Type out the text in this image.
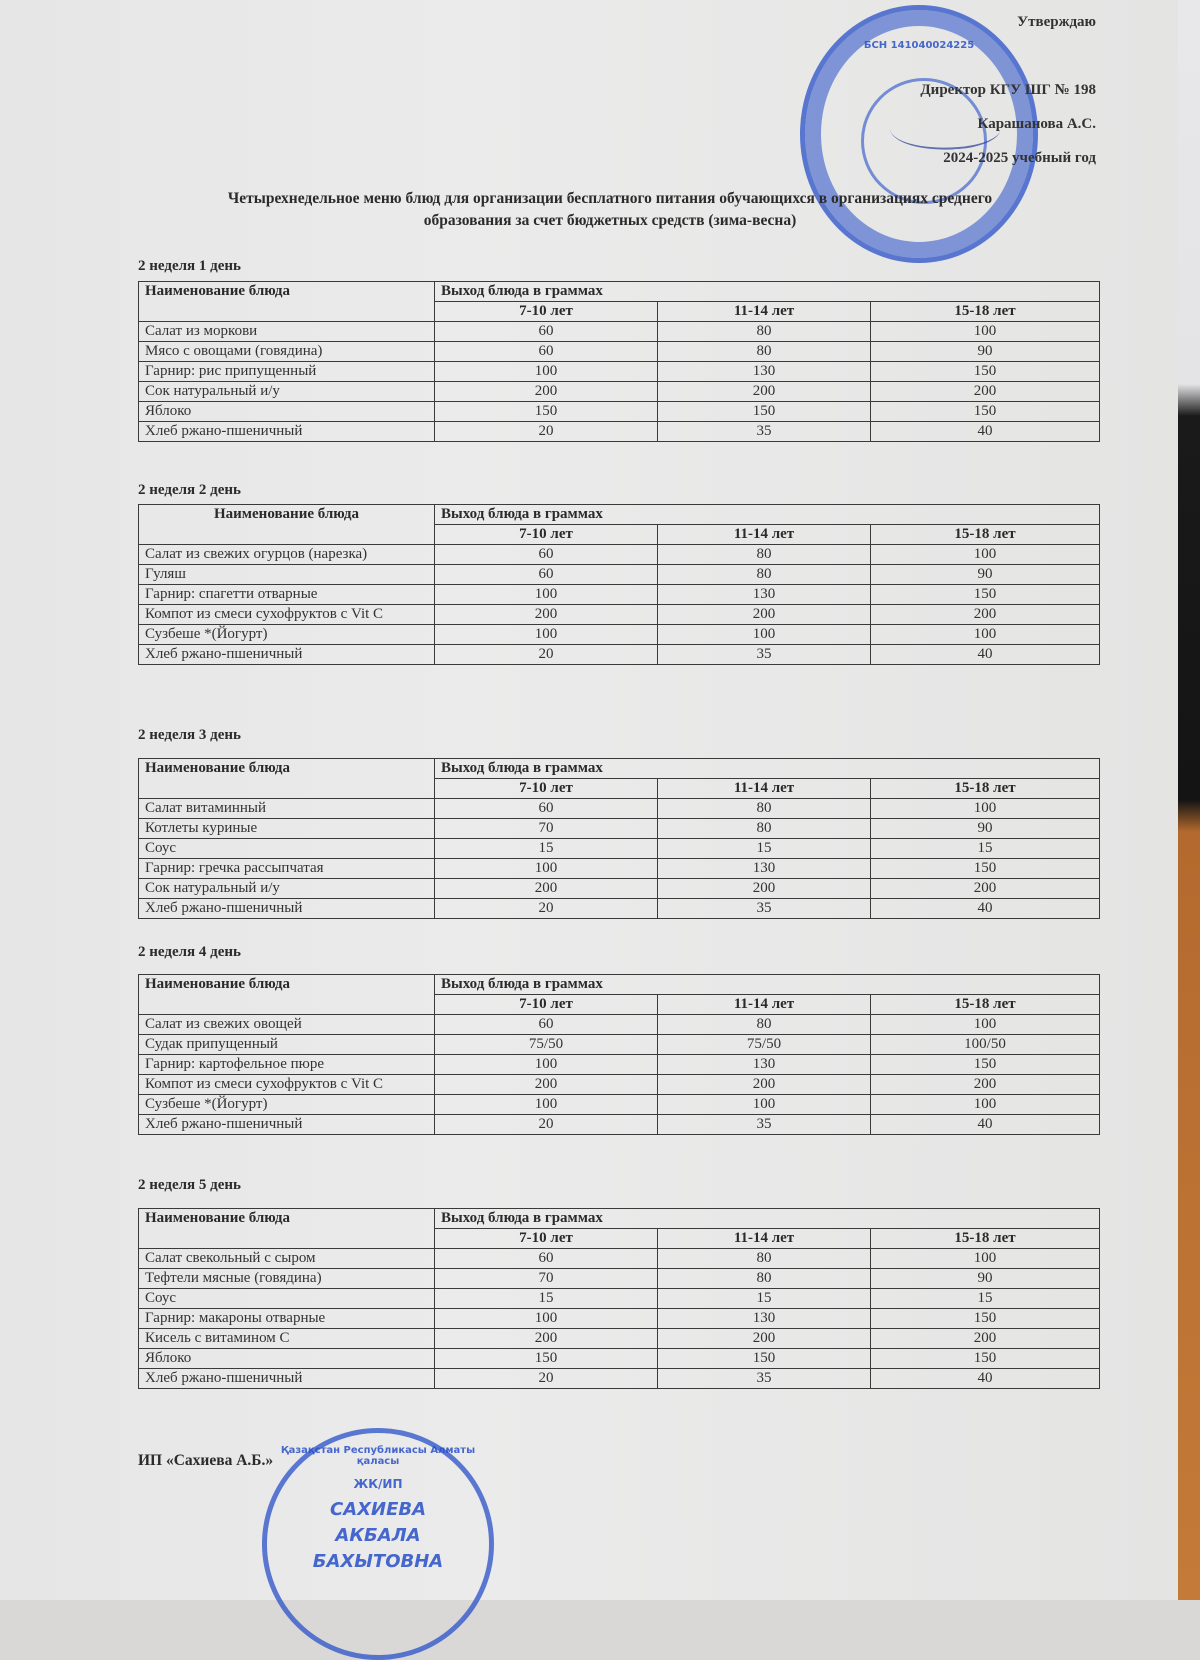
БСН 141040024225
Утверждаю
Директор КГУ ШГ № 198
Карашанова А.С.
2024-2025 учебный год
Четырехнедельное меню блюд для организации бесплатного питания обучающихся в организациях среднего
образования за счет бюджетных средств (зима-весна)
2 неделя 1 день
Наименование блюда	Выход блюда в граммах		
	7-10 лет	11-14 лет	15-18 лет
Салат из моркови	60	80	100
Мясо с овощами (говядина)	60	80	90
Гарнир: рис припущенный	100	130	150
Сок натуральный и/у	200	200	200
Яблоко	150	150	150
Хлеб ржано-пшеничный	20	35	40
2 неделя 2 день
Наименование блюда	Выход блюда в граммах		
	7-10 лет	11-14 лет	15-18 лет
Салат из свежих огурцов (нарезка)	60	80	100
Гуляш	60	80	90
Гарнир: спагетти отварные	100	130	150
Компот из смеси сухофруктов с Vit C	200	200	200
Сузбеше *(Йогурт)	100	100	100
Хлеб ржано-пшеничный	20	35	40
2 неделя 3 день
Наименование блюда	Выход блюда в граммах		
	7-10 лет	11-14 лет	15-18 лет
Салат витаминный	60	80	100
Котлеты куриные	70	80	90
Соус	15	15	15
Гарнир: гречка рассыпчатая	100	130	150
Сок натуральный и/у	200	200	200
Хлеб ржано-пшеничный	20	35	40
2 неделя 4 день
Наименование блюда	Выход блюда в граммах		
	7-10 лет	11-14 лет	15-18 лет
Салат из свежих овощей	60	80	100
Судак припущенный	75/50	75/50	100/50
Гарнир: картофельное пюре	100	130	150
Компот из смеси сухофруктов с Vit C	200	200	200
Сузбеше *(Йогурт)	100	100	100
Хлеб ржано-пшеничный	20	35	40
2 неделя 5 день
Наименование блюда	Выход блюда в граммах		
	7-10 лет	11-14 лет	15-18 лет
Салат свекольный с сыром	60	80	100
Тефтели мясные (говядина)	70	80	90
Соус	15	15	15
Гарнир: макароны отварные	100	130	150
Кисель с витамином С	200	200	200
Яблоко	150	150	150
Хлеб ржано-пшеничный	20	35	40
ИП «Сахиева А.Б.»
Қазақстан Республикасы Алматы қаласы
ЖК/ИП
САХИЕВА
АКБАЛА
БАХЫТОВНА
